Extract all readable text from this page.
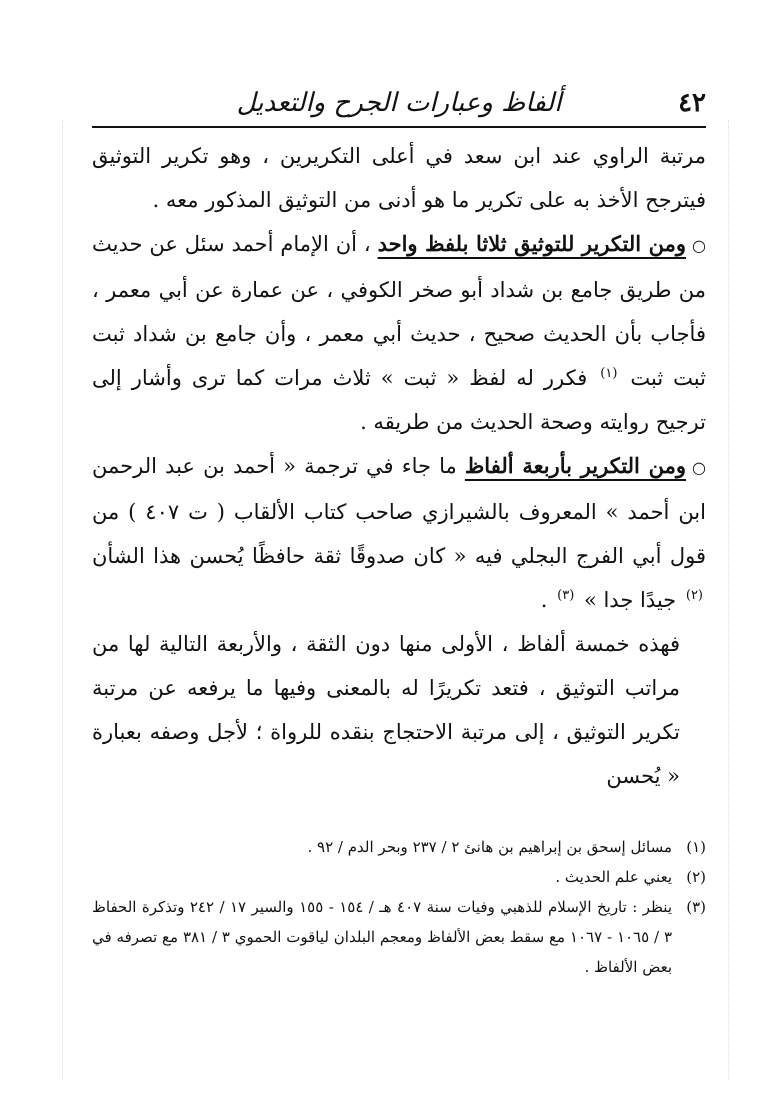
٤٢
ألفاظ وعبارات الجرح والتعديل

مرتبة الراوي عند ابن سعد في أعلى التكريرين ، وهو تكرير التوثيق فيترجح الأخذ به على تكرير ما هو أدنى من التوثيق المذكور معه .

○ومن التكرير للتوثيق ثلاثا بلفظ واحد ، أن الإمام أحمد سئل عن حديث من طريق جامع بن شداد أبو صخر الكوفي ، عن عمارة عن أبي معمر ، فأجاب بأن الحديث صحيح ، حديث أبي معمر ، وأن جامع بن شداد ثبت ثبت ثبت $^{(١)}$ فكرر له لفظ « ثبت » ثلاث مرات كما ترى وأشار إلى ترجيح روايته وصحة الحديث من طريقه .

○ومن التكرير بأربعة ألفاظ ما جاء في ترجمة « أحمد بن عبد الرحمن ابن أحمد » المعروف بالشيرازي صاحب كتاب الألقاب ( ت ٤٠٧ ) من قول أبي الفرج البجلي فيه « كان صدوقًا ثقة حافظًا يُحسن هذا الشأن $^{(٢)}$ جيدًا جدا » $^{(٣)}$ .

فهذه خمسة ألفاظ ، الأولى منها دون الثقة ، والأربعة التالية لها من مراتب التوثيق ، فتعد تكريرًا له بالمعنى وفيها ما يرفعه عن مرتبة تكرير التوثيق ، إلى مرتبة الاحتجاج بنقده للرواة ؛ لأجل وصفه بعبارة « يُحسن

(١)
مسائل إسحق بن إبراهيم بن هانئ ٢ / ٢٣٧ وبحر الدم / ٩٢ .
(٢)
يعني علم الحديث .
(٣)
ينظر : تاريخ الإسلام للذهبي وفيات سنة ٤٠٧ هـ / ١٥٤ - ١٥٥ والسير ١٧ / ٢٤٢ وتذكرة الحفاظ ٣ / ١٠٦٥ - ١٠٦٧ مع سقط بعض الألفاظ ومعجم البلدان لياقوت الحموي ٣ / ٣٨١ مع تصرفه في بعض الألفاظ .
